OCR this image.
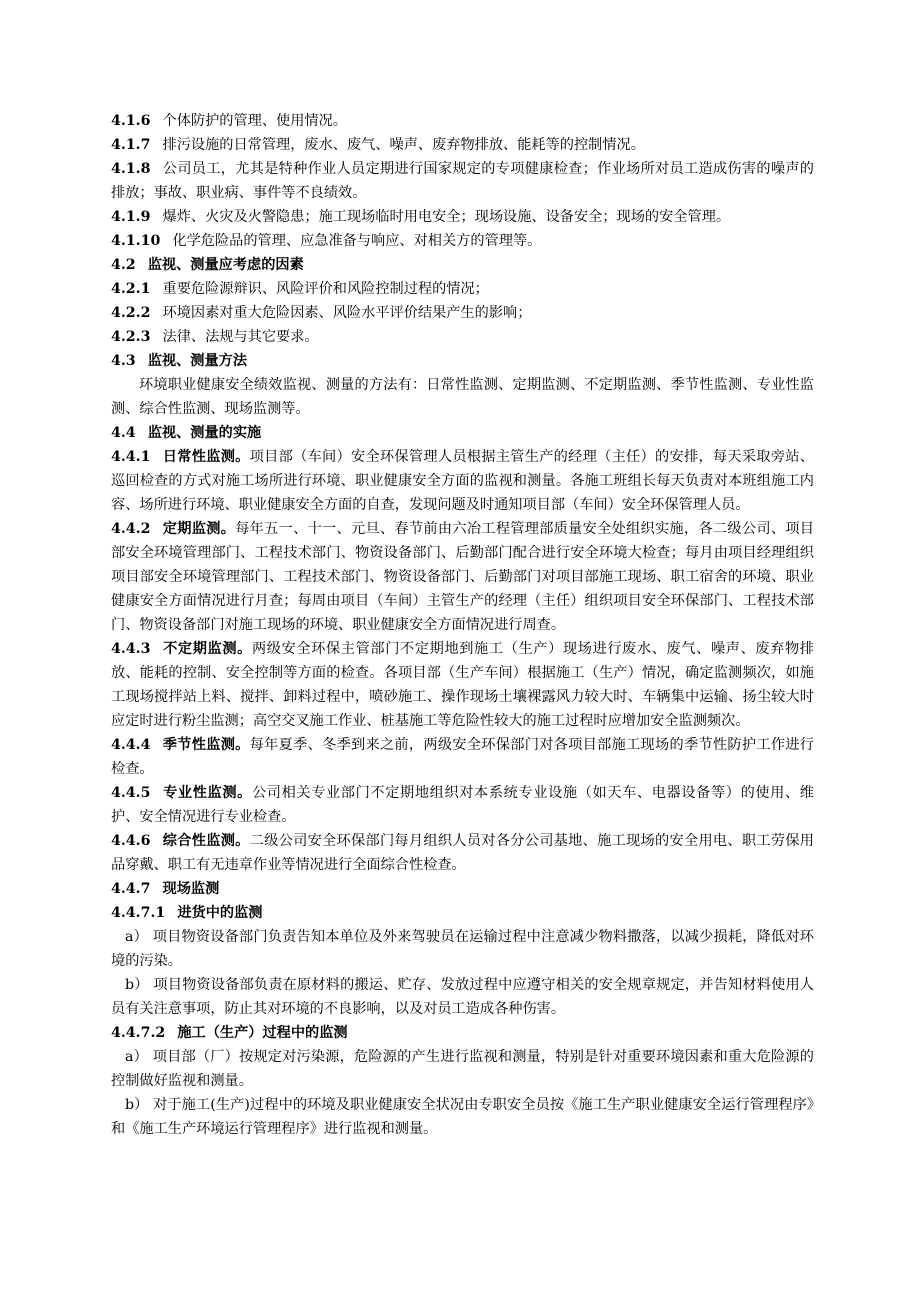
4.1.6 个体防护的管理、使用情况。

4.1.7 排污设施的日常管理，废水、废气、噪声、废弃物排放、能耗等的控制情况。

4.1.8 公司员工，尤其是特种作业人员定期进行国家规定的专项健康检查；作业场所对员工造成伤害的噪声的排放；事故、职业病、事件等不良绩效。

4.1.9 爆炸、火灾及火警隐患；施工现场临时用电安全；现场设施、设备安全；现场的安全管理。

4.1.10 化学危险品的管理、应急准备与响应、对相关方的管理等。

4.2 监视、测量应考虑的因素

4.2.1 重要危险源辩识、风险评价和风险控制过程的情况；

4.2.2 环境因素对重大危险因素、风险水平评价结果产生的影响；

4.2.3 法律、法规与其它要求。

4.3 监视、测量方法

环境职业健康安全绩效监视、测量的方法有：日常性监测、定期监测、不定期监测、季节性监测、专业性监测、综合性监测、现场监测等。

4.4 监视、测量的实施

4.4.1 日常性监测。项目部（车间）安全环保管理人员根据主管生产的经理（主任）的安排，每天采取旁站、巡回检查的方式对施工场所进行环境、职业健康安全方面的监视和测量。各施工班组长每天负责对本班组施工内容、场所进行环境、职业健康安全方面的自查，发现问题及时通知项目部（车间）安全环保管理人员。

4.4.2 定期监测。每年五一、十一、元旦、春节前由六冶工程管理部质量安全处组织实施，各二级公司、项目部安全环境管理部门、工程技术部门、物资设备部门、后勤部门配合进行安全环境大检查；每月由项目经理组织项目部安全环境管理部门、工程技术部门、物资设备部门、后勤部门对项目部施工现场、职工宿舍的环境、职业健康安全方面情况进行月查；每周由项目（车间）主管生产的经理（主任）组织项目安全环保部门、工程技术部门、物资设备部门对施工现场的环境、职业健康安全方面情况进行周查。

4.4.3 不定期监测。两级安全环保主管部门不定期地到施工（生产）现场进行废水、废气、噪声、废弃物排放、能耗的控制、安全控制等方面的检查。各项目部（生产车间）根据施工（生产）情况，确定监测频次，如施工现场搅拌站上料、搅拌、卸料过程中，喷砂施工、操作现场土壤裸露风力较大时、车辆集中运输、扬尘较大时应定时进行粉尘监测；高空交叉施工作业、桩基施工等危险性较大的施工过程时应增加安全监测频次。

4.4.4 季节性监测。每年夏季、冬季到来之前，两级安全环保部门对各项目部施工现场的季节性防护工作进行检查。

4.4.5 专业性监测。公司相关专业部门不定期地组织对本系统专业设施（如天车、电器设备等）的使用、维护、安全情况进行专业检查。

4.4.6 综合性监测。二级公司安全环保部门每月组织人员对各分公司基地、施工现场的安全用电、职工劳保用品穿戴、职工有无违章作业等情况进行全面综合性检查。

4.4.7 现场监测

4.4.7.1 进货中的监测

a） 项目物资设备部门负责告知本单位及外来驾驶员在运输过程中注意减少物料撒落，以减少损耗，降低对环境的污染。

b） 项目物资设备部负责在原材料的搬运、贮存、发放过程中应遵守相关的安全规章规定，并告知材料使用人员有关注意事项，防止其对环境的不良影响，以及对员工造成各种伤害。

4.4.7.2 施工（生产）过程中的监测

a） 项目部（厂）按规定对污染源，危险源的产生进行监视和测量，特别是针对重要环境因素和重大危险源的控制做好监视和测量。

b） 对于施工(生产)过程中的环境及职业健康安全状况由专职安全员按《施工生产职业健康安全运行管理程序》和《施工生产环境运行管理程序》进行监视和测量。
